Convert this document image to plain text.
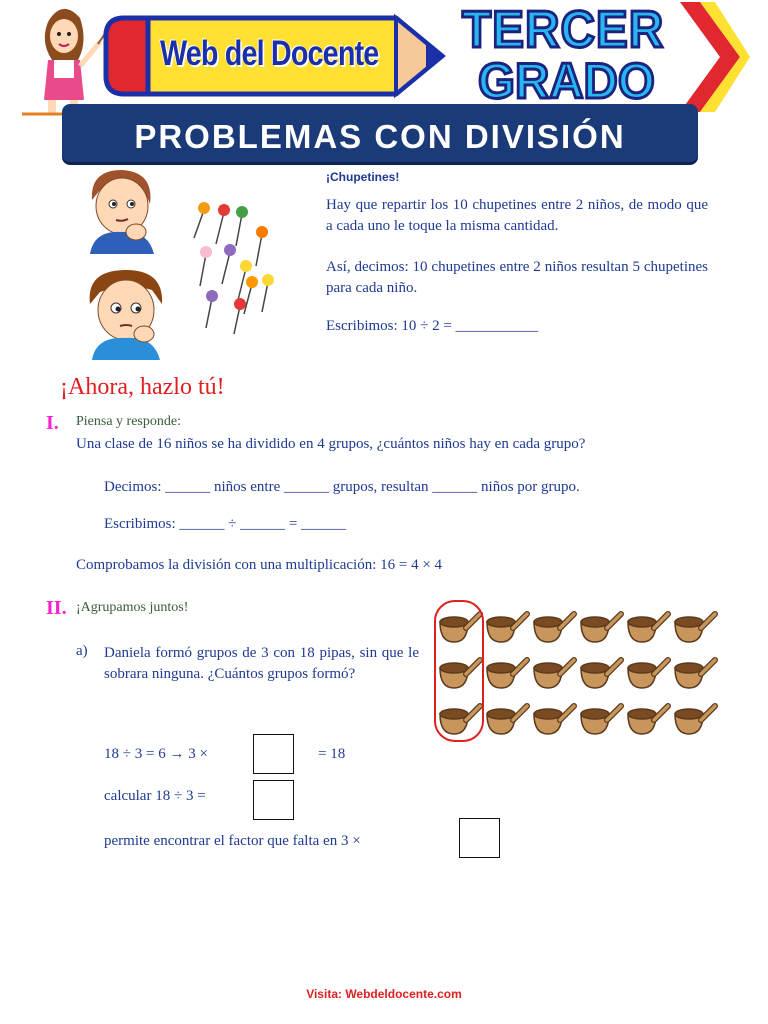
Web del Docente TERCER
GRADO
PROBLEMAS CON DIVISIÓN
¡Chupetines!
Hay que repartir los 10 chupetines entre 2 niños, de modo que a cada uno le toque la misma cantidad.
Así, decimos: 10 chupetines entre 2 niños resultan 5 chupetines para cada niño.
Escribimos: 10 ÷ 2 = ___________
¡Ahora, hazlo tú!
I. Piensa y responde:
Una clase de 16 niños se ha dividido en 4 grupos, ¿cuántos niños hay en cada grupo?
Decimos: ______ niños entre ______ grupos, resultan ______ niños por grupo.
Escribimos: ______ ÷ ______ = ______
Comprobamos la división con una multiplicación: 16 = 4 × 4
II. ¡Agrupamos juntos!
a) Daniela formó grupos de 3 con 18 pipas, sin que le sobrara ninguna. ¿Cuántos grupos formó?
18 ÷ 3 = 6 → 3 ×	= 18
calcular 18 ÷ 3 =
permite encontrar el factor que falta en 3 ×
Visita: Webdeldocente.com
